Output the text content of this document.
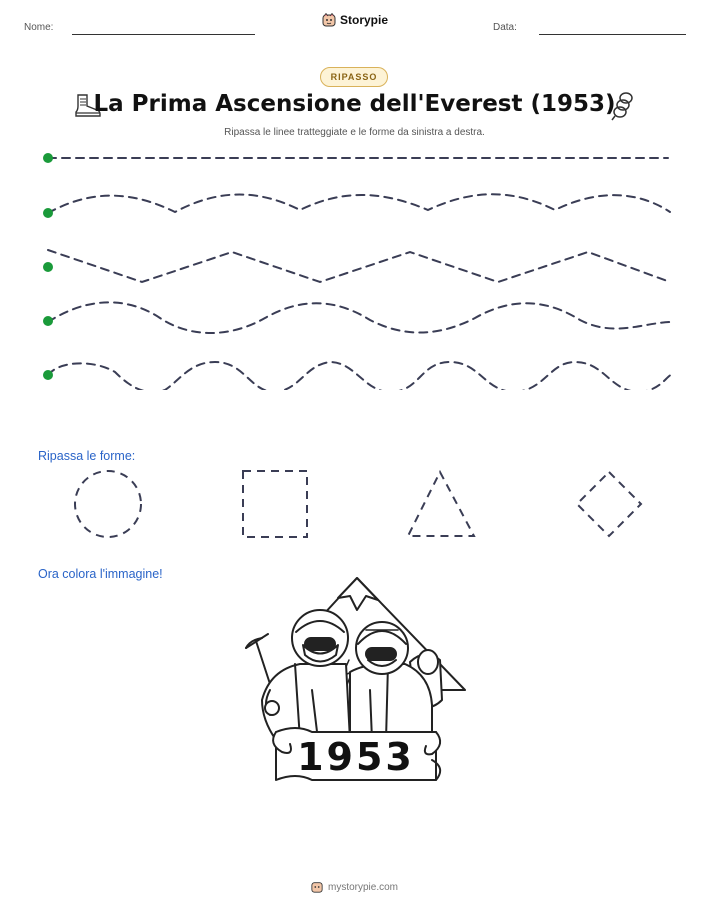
Nome:
Storypie
Data:
RIPASSO
La Prima Ascensione dell'Everest (1953)
Ripassa le linee tratteggiate e le forme da sinistra a destra.
Ripassa le forme:
Ora colora l'immagine!
1953
mystorypie.com
